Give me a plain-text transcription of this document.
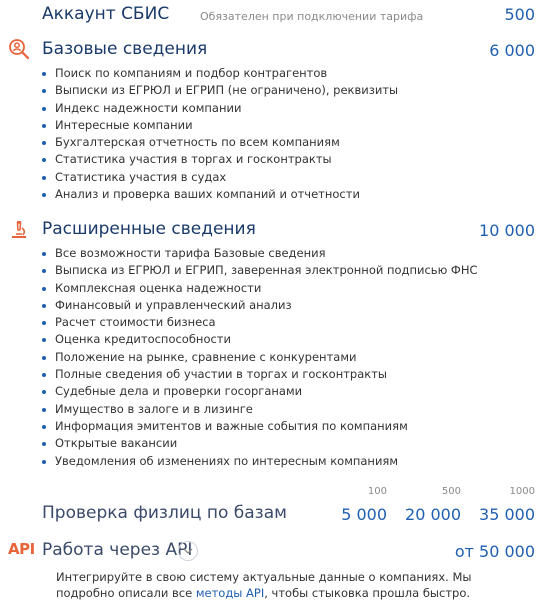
Аккаунт СБИС	Обязателен при подключении тарифа	500
Базовые сведения	6 000
Поиск по компаниям и подбор контрагентов
Выписки из ЕГРЮЛ и ЕГРИП (не ограничено), реквизиты
Индекс надежности компании
Интересные компании
Бухгалтерская отчетность по всем компаниям
Статистика участия в торгах и госконтракты
Статистика участия в судах
Анализ и проверка ваших компаний и отчетности
Расширенные сведения	10 000
Все возможности тарифа Базовые сведения
Выписка из ЕГРЮЛ и ЕГРИП, заверенная электронной подписью ФНС
Комплексная оценка надежности
Финансовый и управленческий анализ
Расчет стоимости бизнеса
Оценка кредитоспособности
Положение на рынке, сравнение с конкурентами
Полные сведения об участии в торгах и госконтракты
Судебные дела и проверки госорганами
Имущество в залоге и в лизинге
Информация эмитентов и важные события по компаниям
Открытые вакансии
Уведомления об изменениях по интересным компаниям
Проверка физлиц по базам
100	500	1000
5 000	20 000	35 000
API Работа через API	от 50 000
Интегрируйте в свою систему актуальные данные о компаниях. Мы подробно описали все методы API, чтобы стыковка прошла быстро.
